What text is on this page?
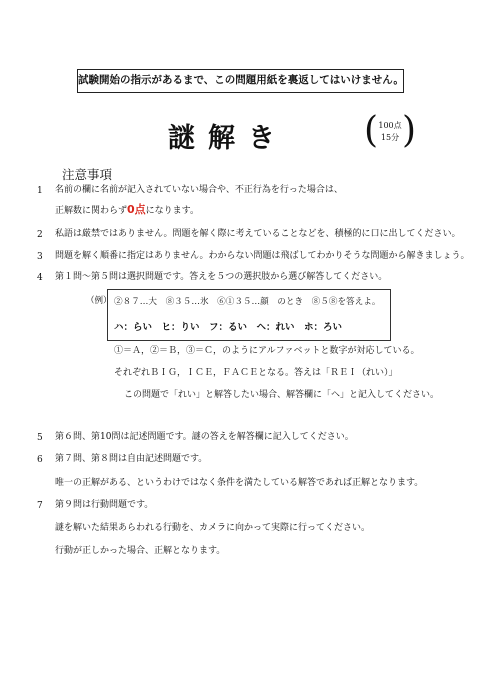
試験開始の指示があるまで、この問題用紙を裏返してはいけません。
謎解き ( )
100点
15分
注意事項
1 名前の欄に名前が記入されていない場合や、不正行為を行った場合は、
正解数に関わらず0点になります。
2 私語は厳禁ではありません。問題を解く際に考えていることなどを、積極的に口に出してください。
3 問題を解く順番に指定はありません。わからない問題は飛ばしてわかりそうな問題から解きましょう。
4 第１問〜第５問は選択問題です。答えを５つの選択肢から選び解答してください。
（例） ②８７…大　⑧３５…氷　⑥①３５…顔　のとき　⑧５⑧を答えよ。
ハ：らい　ヒ：りい　フ：るい　ヘ：れい　ホ：ろい
①＝Ａ，②＝Ｂ，③＝Ｃ，のようにアルファベットと数字が対応している。
それぞれＢＩＧ，ＩＣＥ，ＦＡＣＥとなる。答えは「ＲＥＩ（れい）」
この問題で「れい」と解答したい場合、解答欄に「ヘ」と記入してください。
5 第６問、第10問は記述問題です。謎の答えを解答欄に記入してください。
6 第７問、第８問は自由記述問題です。
唯一の正解がある、というわけではなく条件を満たしている解答であれば正解となります。
7 第９問は行動問題です。
謎を解いた結果あらわれる行動を、カメラに向かって実際に行ってください。
行動が正しかった場合、正解となります。
